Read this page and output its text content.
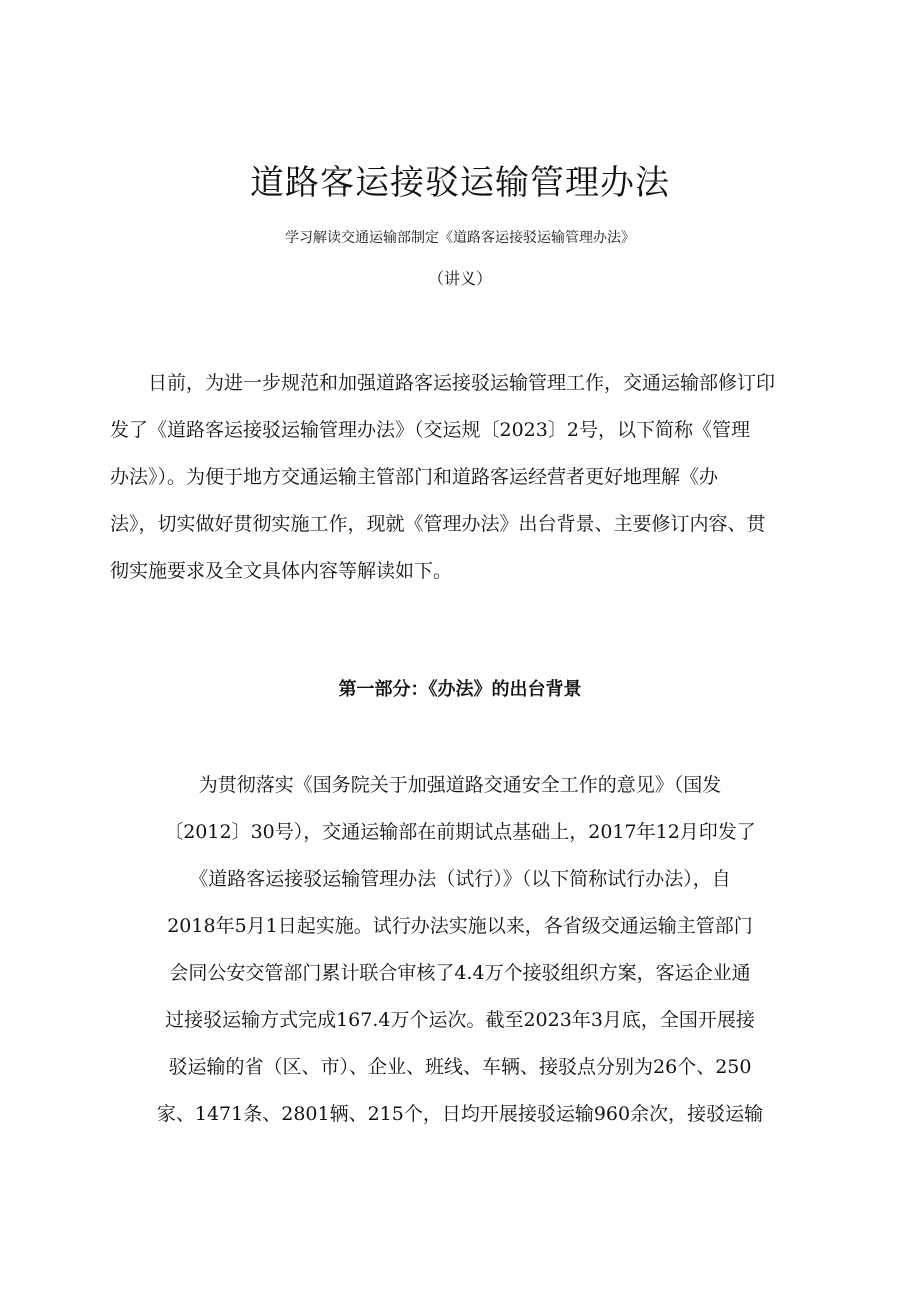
道路客运接驳运输管理办法
学习解读交通运输部制定《道路客运接驳运输管理办法》
（讲义）
日前，为进一步规范和加强道路客运接驳运输管理工作，交通运输部修订印
发了《道路客运接驳运输管理办法》（交运规〔2023〕2号，以下简称《管理
办法》）。为便于地方交通运输主管部门和道路客运经营者更好地理解《办
法》，切实做好贯彻实施工作，现就《管理办法》出台背景、主要修订内容、贯
彻实施要求及全文具体内容等解读如下。
第一部分：《办法》的出台背景
为贯彻落实《国务院关于加强道路交通安全工作的意见》（国发
〔2012〕30号），交通运输部在前期试点基础上，2017年12月印发了
《道路客运接驳运输管理办法（试行）》（以下简称试行办法），自
2018年5月1日起实施。试行办法实施以来，各省级交通运输主管部门
会同公安交管部门累计联合审核了4.4万个接驳组织方案，客运企业通
过接驳运输方式完成167.4万个运次。截至2023年3月底，全国开展接
驳运输的省（区、市）、企业、班线、车辆、接驳点分别为26个、250
家、1471条、2801辆、215个，日均开展接驳运输960余次，接驳运输
